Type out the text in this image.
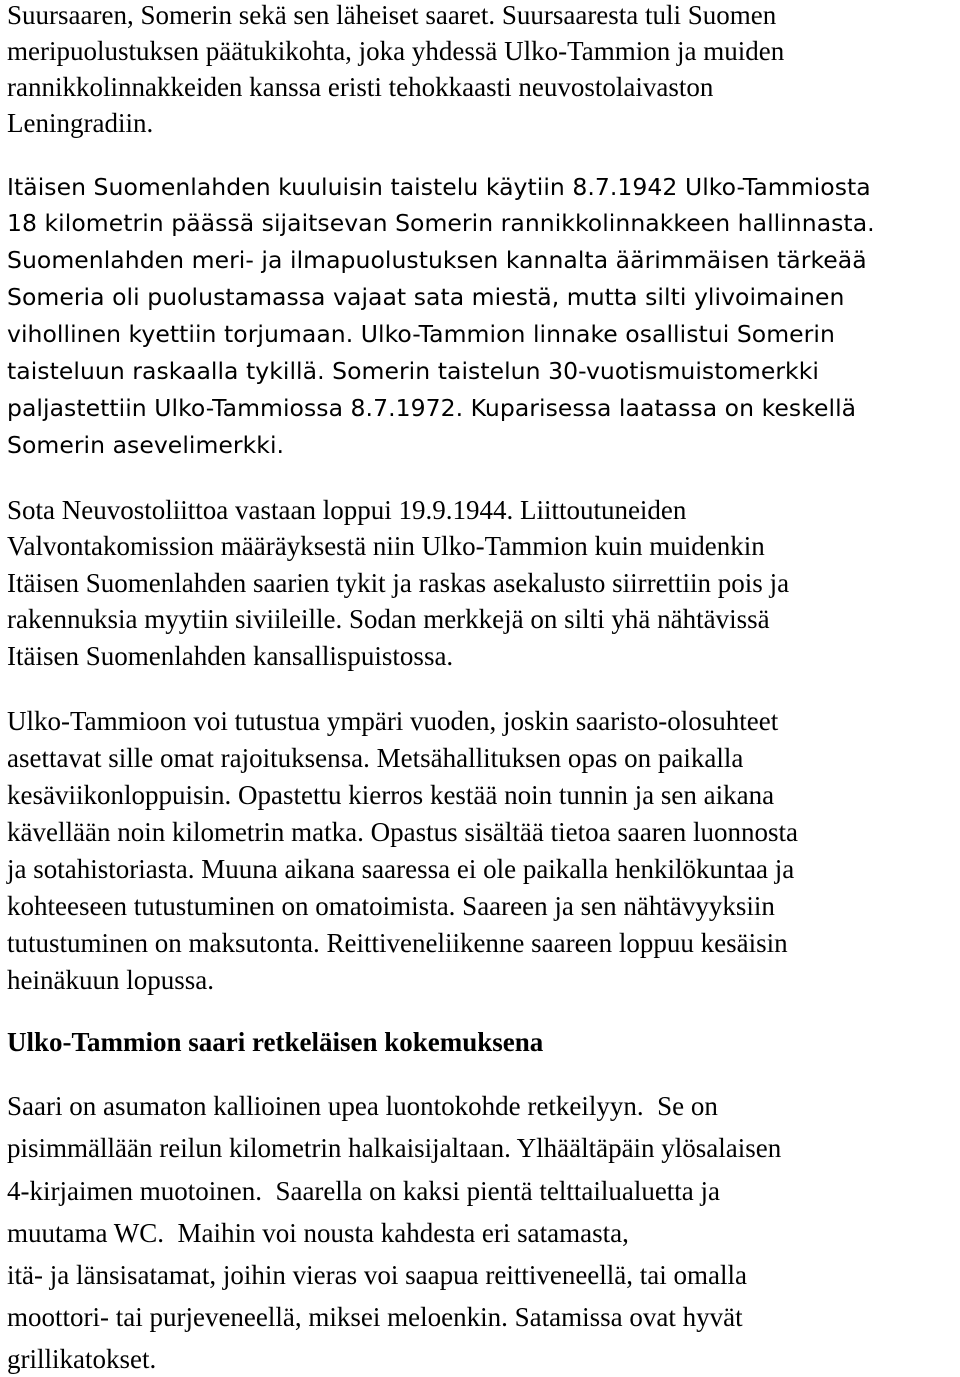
Suursaaren, Somerin sekä sen läheiset saaret. Suursaaresta tuli Suomen
meripuolustuksen päätukikohta, joka yhdessä Ulko-Tammion ja muiden
rannikkolinnakkeiden kanssa eristi tehokkaasti neuvostolaivaston
Leningradiin.
Itäisen Suomenlahden kuuluisin taistelu käytiin 8.7.1942 Ulko-Tammiosta
18 kilometrin päässä sijaitsevan Somerin rannikkolinnakkeen hallinnasta.
Suomenlahden meri- ja ilmapuolustuksen kannalta äärimmäisen tärkeää
Someria oli puolustamassa vajaat sata miestä, mutta silti ylivoimainen
vihollinen kyettiin torjumaan. Ulko-Tammion linnake osallistui Somerin
taisteluun raskaalla tykillä. Somerin taistelun 30-vuotismuistomerkki
paljastettiin Ulko-Tammiossa 8.7.1972. Kuparisessa laatassa on keskellä
Somerin asevelimerkki.
Sota Neuvostoliittoa vastaan loppui 19.9.1944. Liittoutuneiden
Valvontakomission määräyksestä niin Ulko-Tammion kuin muidenkin
Itäisen Suomenlahden saarien tykit ja raskas asekalusto siirrettiin pois ja
rakennuksia myytiin siviileille. Sodan merkkejä on silti yhä nähtävissä
Itäisen Suomenlahden kansallispuistossa.
Ulko-Tammioon voi tutustua ympäri vuoden, joskin saaristo-olosuhteet
asettavat sille omat rajoituksensa. Metsähallituksen opas on paikalla
kesäviikonloppuisin. Opastettu kierros kestää noin tunnin ja sen aikana
kävellään noin kilometrin matka. Opastus sisältää tietoa saaren luonnosta
ja sotahistoriasta. Muuna aikana saaressa ei ole paikalla henkilökuntaa ja
kohteeseen tutustuminen on omatoimista. Saareen ja sen nähtävyyksiin
tutustuminen on maksutonta. Reittiveneliikenne saareen loppuu kesäisin
heinäkuun lopussa.
Ulko-Tammion saari retkeläisen kokemuksena
Saari on asumaton kallioinen upea luontokohde retkeilyyn.  Se on
pisimmällään reilun kilometrin halkaisijaltaan. Ylhäältäpäin ylösalaisen
4-kirjaimen muotoinen.  Saarella on kaksi pientä telttailualuetta ja
muutama WC.  Maihin voi nousta kahdesta eri satamasta,
itä- ja länsisatamat, joihin vieras voi saapua reittiveneellä, tai omalla
moottori- tai purjeveneellä, miksei meloenkin. Satamissa ovat hyvät
grillikatokset.
